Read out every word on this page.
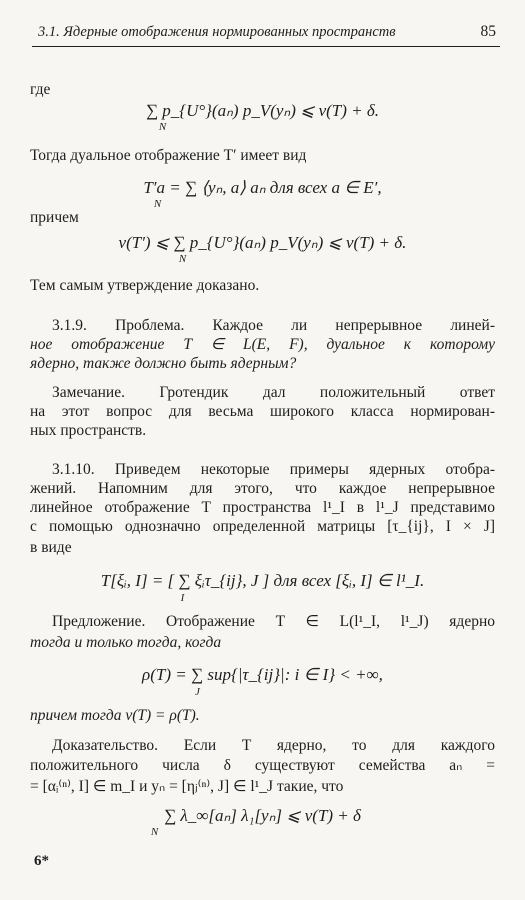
3.1. Ядерные отображения нормированных пространств	85
где
∑ p_{U°}(aₙ) p_V(yₙ) ⩽ ν(T) + δ.
N
Тогда дуальное отображение T′ имеет вид
T′a = ∑ ⟨yₙ, a⟩ aₙ для всех a ∈ E′,
N
причем
ν(T′) ⩽ ∑ p_{U°}(aₙ) p_V(yₙ) ⩽ ν(T) + δ.
N
Тем самым утверждение доказано.
3.1.9. Проблема. Каждое ли непрерывное линей-
ное отображение T ∈ L(E, F), дуальное к которому
ядерно, также должно быть ядерным?
Замечание. Гротендик дал положительный ответ
на этот вопрос для весьма широкого класса нормирован-
ных пространств.
3.1.10. Приведем некоторые примеры ядерных отобра-
жений. Напомним для этого, что каждое непрерывное
линейное отображение T пространства l¹_I в l¹_J представимо
с помощью однозначно определенной матрицы [τ_{ij}, I × J]
в виде
T[ξᵢ, I] = [ ∑ ξᵢτ_{ij}, J ] для всех [ξᵢ, I] ∈ l¹_I.
I
Предложение. Отображение T ∈ L(l¹_I, l¹_J) ядерно
тогда и только тогда, когда
ρ(T) = ∑ sup{|τ_{ij}|: i ∈ I} < +∞,
J
причем тогда ν(T) = ρ(T).
Доказательство. Если T ядерно, то для каждого
положительного числа δ существуют семейства aₙ =
= [αᵢ⁽ⁿ⁾, I] ∈ m_I и yₙ = [ηⱼ⁽ⁿ⁾, J] ∈ l¹_J такие, что
∑ λ_∞[aₙ] λ₁[yₙ] ⩽ ν(T) + δ
N
6*
